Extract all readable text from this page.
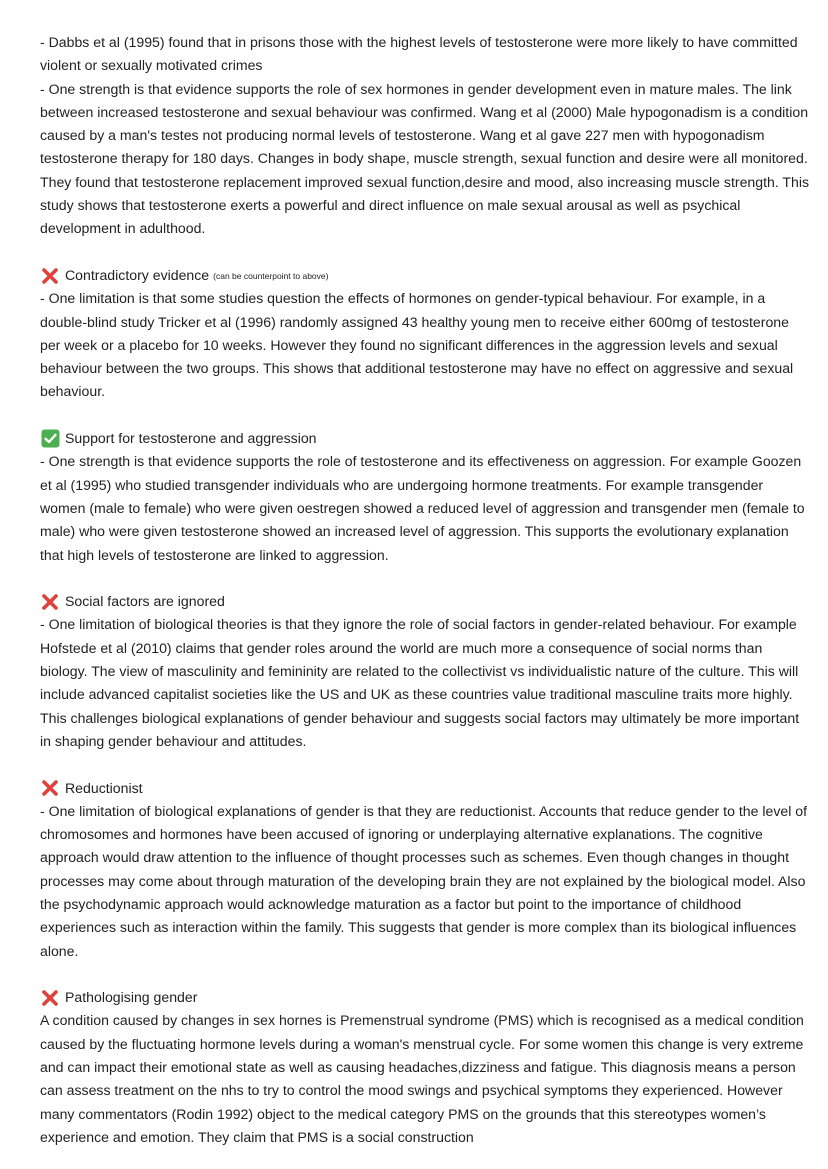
- Dabbs et al (1995) found that in prisons those with the highest levels of testosterone were more likely to have committed violent or sexually motivated crimes

- One strength is that evidence supports the role of sex hormones in gender development even in mature males. The link between increased testosterone and sexual behaviour was confirmed. Wang et al (2000) Male hypogonadism is a condition caused by a man's testes not producing normal levels of testosterone. Wang et al gave 227 men with hypogonadism testosterone therapy for 180 days. Changes in body shape, muscle strength, sexual function and desire were all monitored. They found that testosterone replacement improved sexual function,desire and mood, also increasing muscle strength. This study shows that testosterone exerts a powerful and direct influence on male sexual arousal as well as psychical development in adulthood.

Contradictory evidence (can be counterpoint to above)

- One limitation is that some studies question the effects of hormones on gender-typical behaviour. For example, in a double-blind study Tricker et al (1996) randomly assigned 43 healthy young men to receive either 600mg of testosterone per week or a placebo for 10 weeks. However they found no significant differences in the aggression levels and sexual behaviour between the two groups. This shows that additional testosterone may have no effect on aggressive and sexual behaviour.

Support for testosterone and aggression

- One strength is that evidence supports the role of testosterone and its effectiveness on aggression. For example Goozen et al (1995) who studied transgender individuals who are undergoing hormone treatments. For example transgender women (male to female) who were given oestregen showed a reduced level of aggression and transgender men (female to male) who were given testosterone showed an increased level of aggression. This supports the evolutionary explanation that high levels of testosterone are linked to aggression.

Social factors are ignored

- One limitation of biological theories is that they ignore the role of social factors in gender-related behaviour. For example Hofstede et al (2010) claims that gender roles around the world are much more a consequence of social norms than biology. The view of masculinity and femininity are related to the collectivist vs individualistic nature of the culture. This will include advanced capitalist societies like the US and UK as these countries value traditional masculine traits more highly. This challenges biological explanations of gender behaviour and suggests social factors may ultimately be more important in shaping gender behaviour and attitudes.

Reductionist

- One limitation of biological explanations of gender is that they are reductionist. Accounts that reduce gender to the level of chromosomes and hormones have been accused of ignoring or underplaying alternative explanations. The cognitive approach would draw attention to the influence of thought processes such as schemes. Even though changes in thought processes may come about through maturation of the developing brain they are not explained by the biological model. Also the psychodynamic approach would acknowledge maturation as a factor but point to the importance of childhood experiences such as interaction within the family. This suggests that gender is more complex than its biological influences alone.

Pathologising gender

A condition caused by changes in sex hornes is Premenstrual syndrome (PMS) which is recognised as a medical condition caused by the fluctuating hormone levels during a woman's menstrual cycle. For some women this change is very extreme and can impact their emotional state as well as causing headaches,dizziness and fatigue. This diagnosis means a person can assess treatment on the nhs to try to control the mood swings and psychical symptoms they experienced. However many commentators (Rodin 1992) object to the medical category PMS on the grounds that this stereotypes women’s experience and emotion. They claim that PMS is a social construction
